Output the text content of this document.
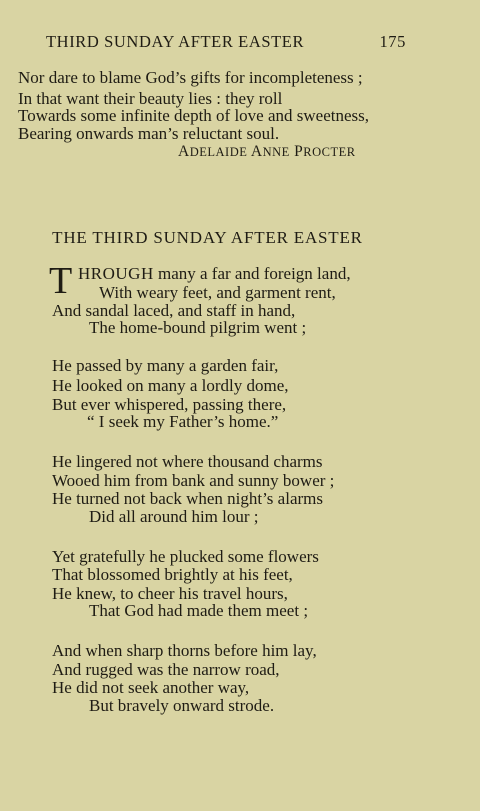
THIRD SUNDAY AFTER EASTER	175
Nor dare to blame God’s gifts for incompleteness ;
In that want their beauty lies : they roll
Towards some infinite depth of love and sweetness,
Bearing onwards man’s reluctant soul.
ADELAIDE ANNE PROCTER
THE THIRD SUNDAY AFTER EASTER
T HROUGH many a far and foreign land,
With weary feet, and garment rent,
And sandal laced, and staff in hand,
The home-bound pilgrim went ;
He passed by many a garden fair,
He looked on many a lordly dome,
But ever whispered, passing there,
“ I seek my Father’s home.”
He lingered not where thousand charms
Wooed him from bank and sunny bower ;
He turned not back when night’s alarms
Did all around him lour ;
Yet gratefully he plucked some flowers
That blossomed brightly at his feet,
He knew, to cheer his travel hours,
That God had made them meet ;
And when sharp thorns before him lay,
And rugged was the narrow road,
He did not seek another way,
But bravely onward strode.
